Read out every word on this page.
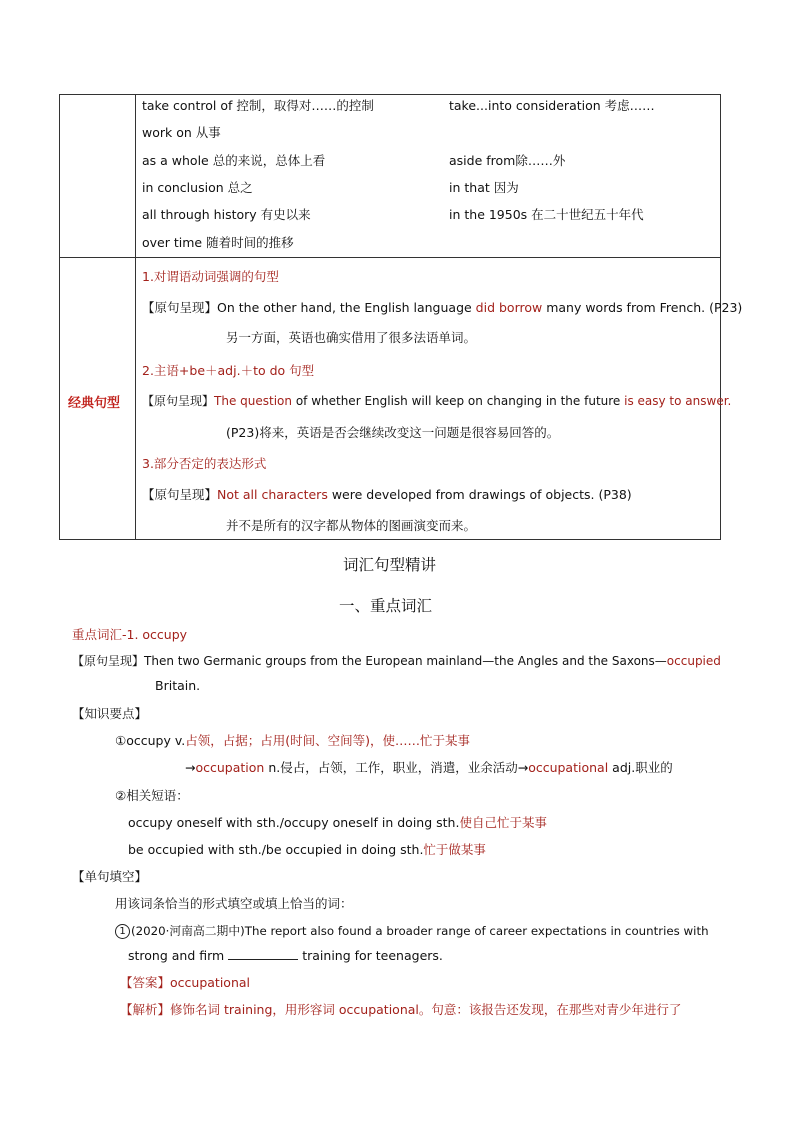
take control of 控制，取得对……的控制	take...into consideration 考虑……
work on 从事
as a whole 总的来说，总体上看	aside from除……外
in conclusion 总之	in that 因为
all through history 有史以来	in the 1950s 在二十世纪五十年代
over time 随着时间的推移
经典句型
1.对谓语动词强调的句型
【原句呈现】On the other hand, the English language did borrow many words from French. (P23)
另一方面，英语也确实借用了很多法语单词。
2.主语+be＋adj.＋to do 句型
【原句呈现】The question of whether English will keep on changing in the future is easy to answer.
(P23)将来，英语是否会继续改变这一问题是很容易回答的。
3.部分否定的表达形式
【原句呈现】Not all characters were developed from drawings of objects. (P38)
并不是所有的汉字都从物体的图画演变而来。
词汇句型精讲
一、重点词汇
重点词汇-1. occupy
【原句呈现】Then two Germanic groups from the European mainland—the Angles and the Saxons—occupied
Britain.
【知识要点】
①occupy v.占领，占据；占用(时间、空间等)，使……忙于某事
→occupation n.侵占，占领，工作，职业，消遣，业余活动→occupational adj.职业的
②相关短语：
occupy oneself with sth./occupy oneself in doing sth.使自己忙于某事
be occupied with sth./be occupied in doing sth.忙于做某事
【单句填空】
用该词条恰当的形式填空或填上恰当的词：
1 (2020·河南高二期中)The report also found a broader range of career expectations in countries with
strong and firm	training for teenagers.
【答案】occupational
【解析】修饰名词 training，用形容词 occupational。句意：该报告还发现，在那些对青少年进行了
